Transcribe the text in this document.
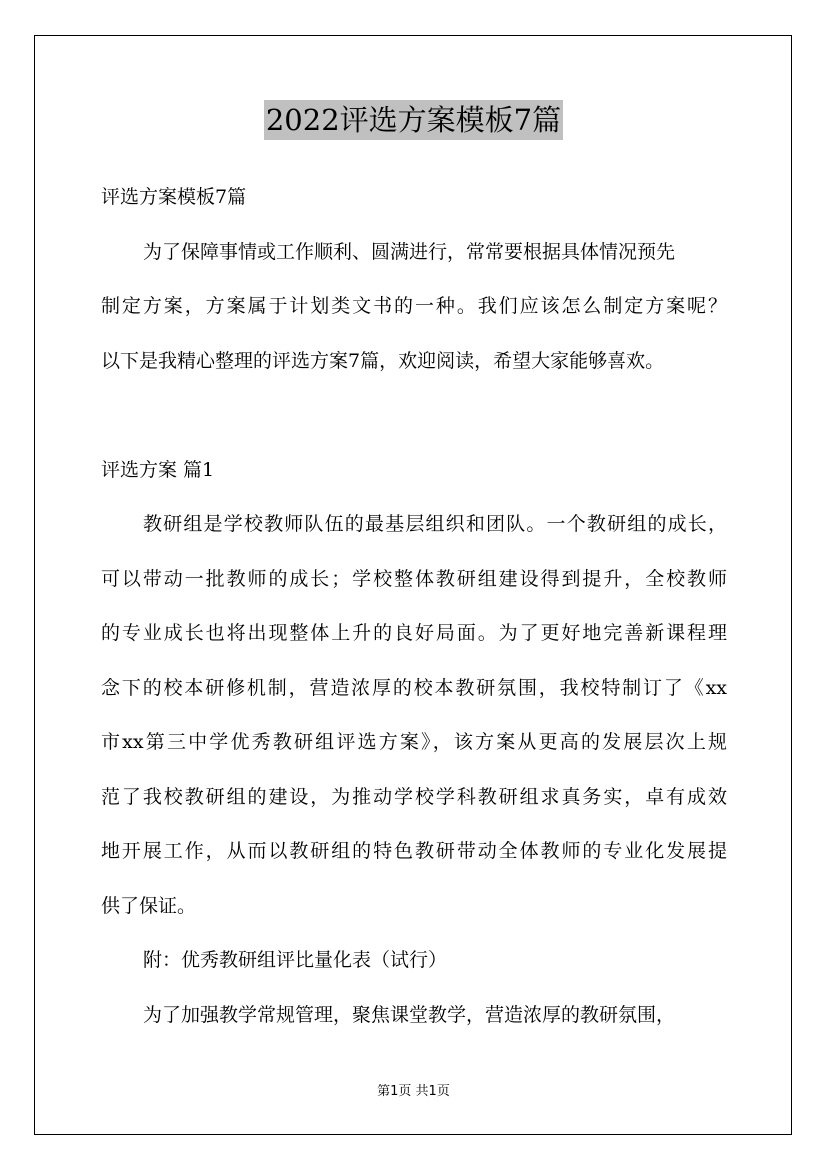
2022评选方案模板7篇
评选方案模板7篇
为了保障事情或工作顺利、圆满进行，常常要根据具体情况预先
制定方案，方案属于计划类文书的一种。我们应该怎么制定方案呢？
以下是我精心整理的评选方案7篇，欢迎阅读，希望大家能够喜欢。
评选方案 篇1
教研组是学校教师队伍的最基层组织和团队。一个教研组的成长，
可以带动一批教师的成长；学校整体教研组建设得到提升，全校教师
的专业成长也将出现整体上升的良好局面。为了更好地完善新课程理
念下的校本研修机制，营造浓厚的校本教研氛围，我校特制订了《xx
市xx第三中学优秀教研组评选方案》，该方案从更高的发展层次上规
范了我校教研组的建设，为推动学校学科教研组求真务实，卓有成效
地开展工作，从而以教研组的特色教研带动全体教师的专业化发展提
供了保证。
附：优秀教研组评比量化表（试行）
为了加强教学常规管理，聚焦课堂教学，营造浓厚的教研氛围，
第1页 共1页
